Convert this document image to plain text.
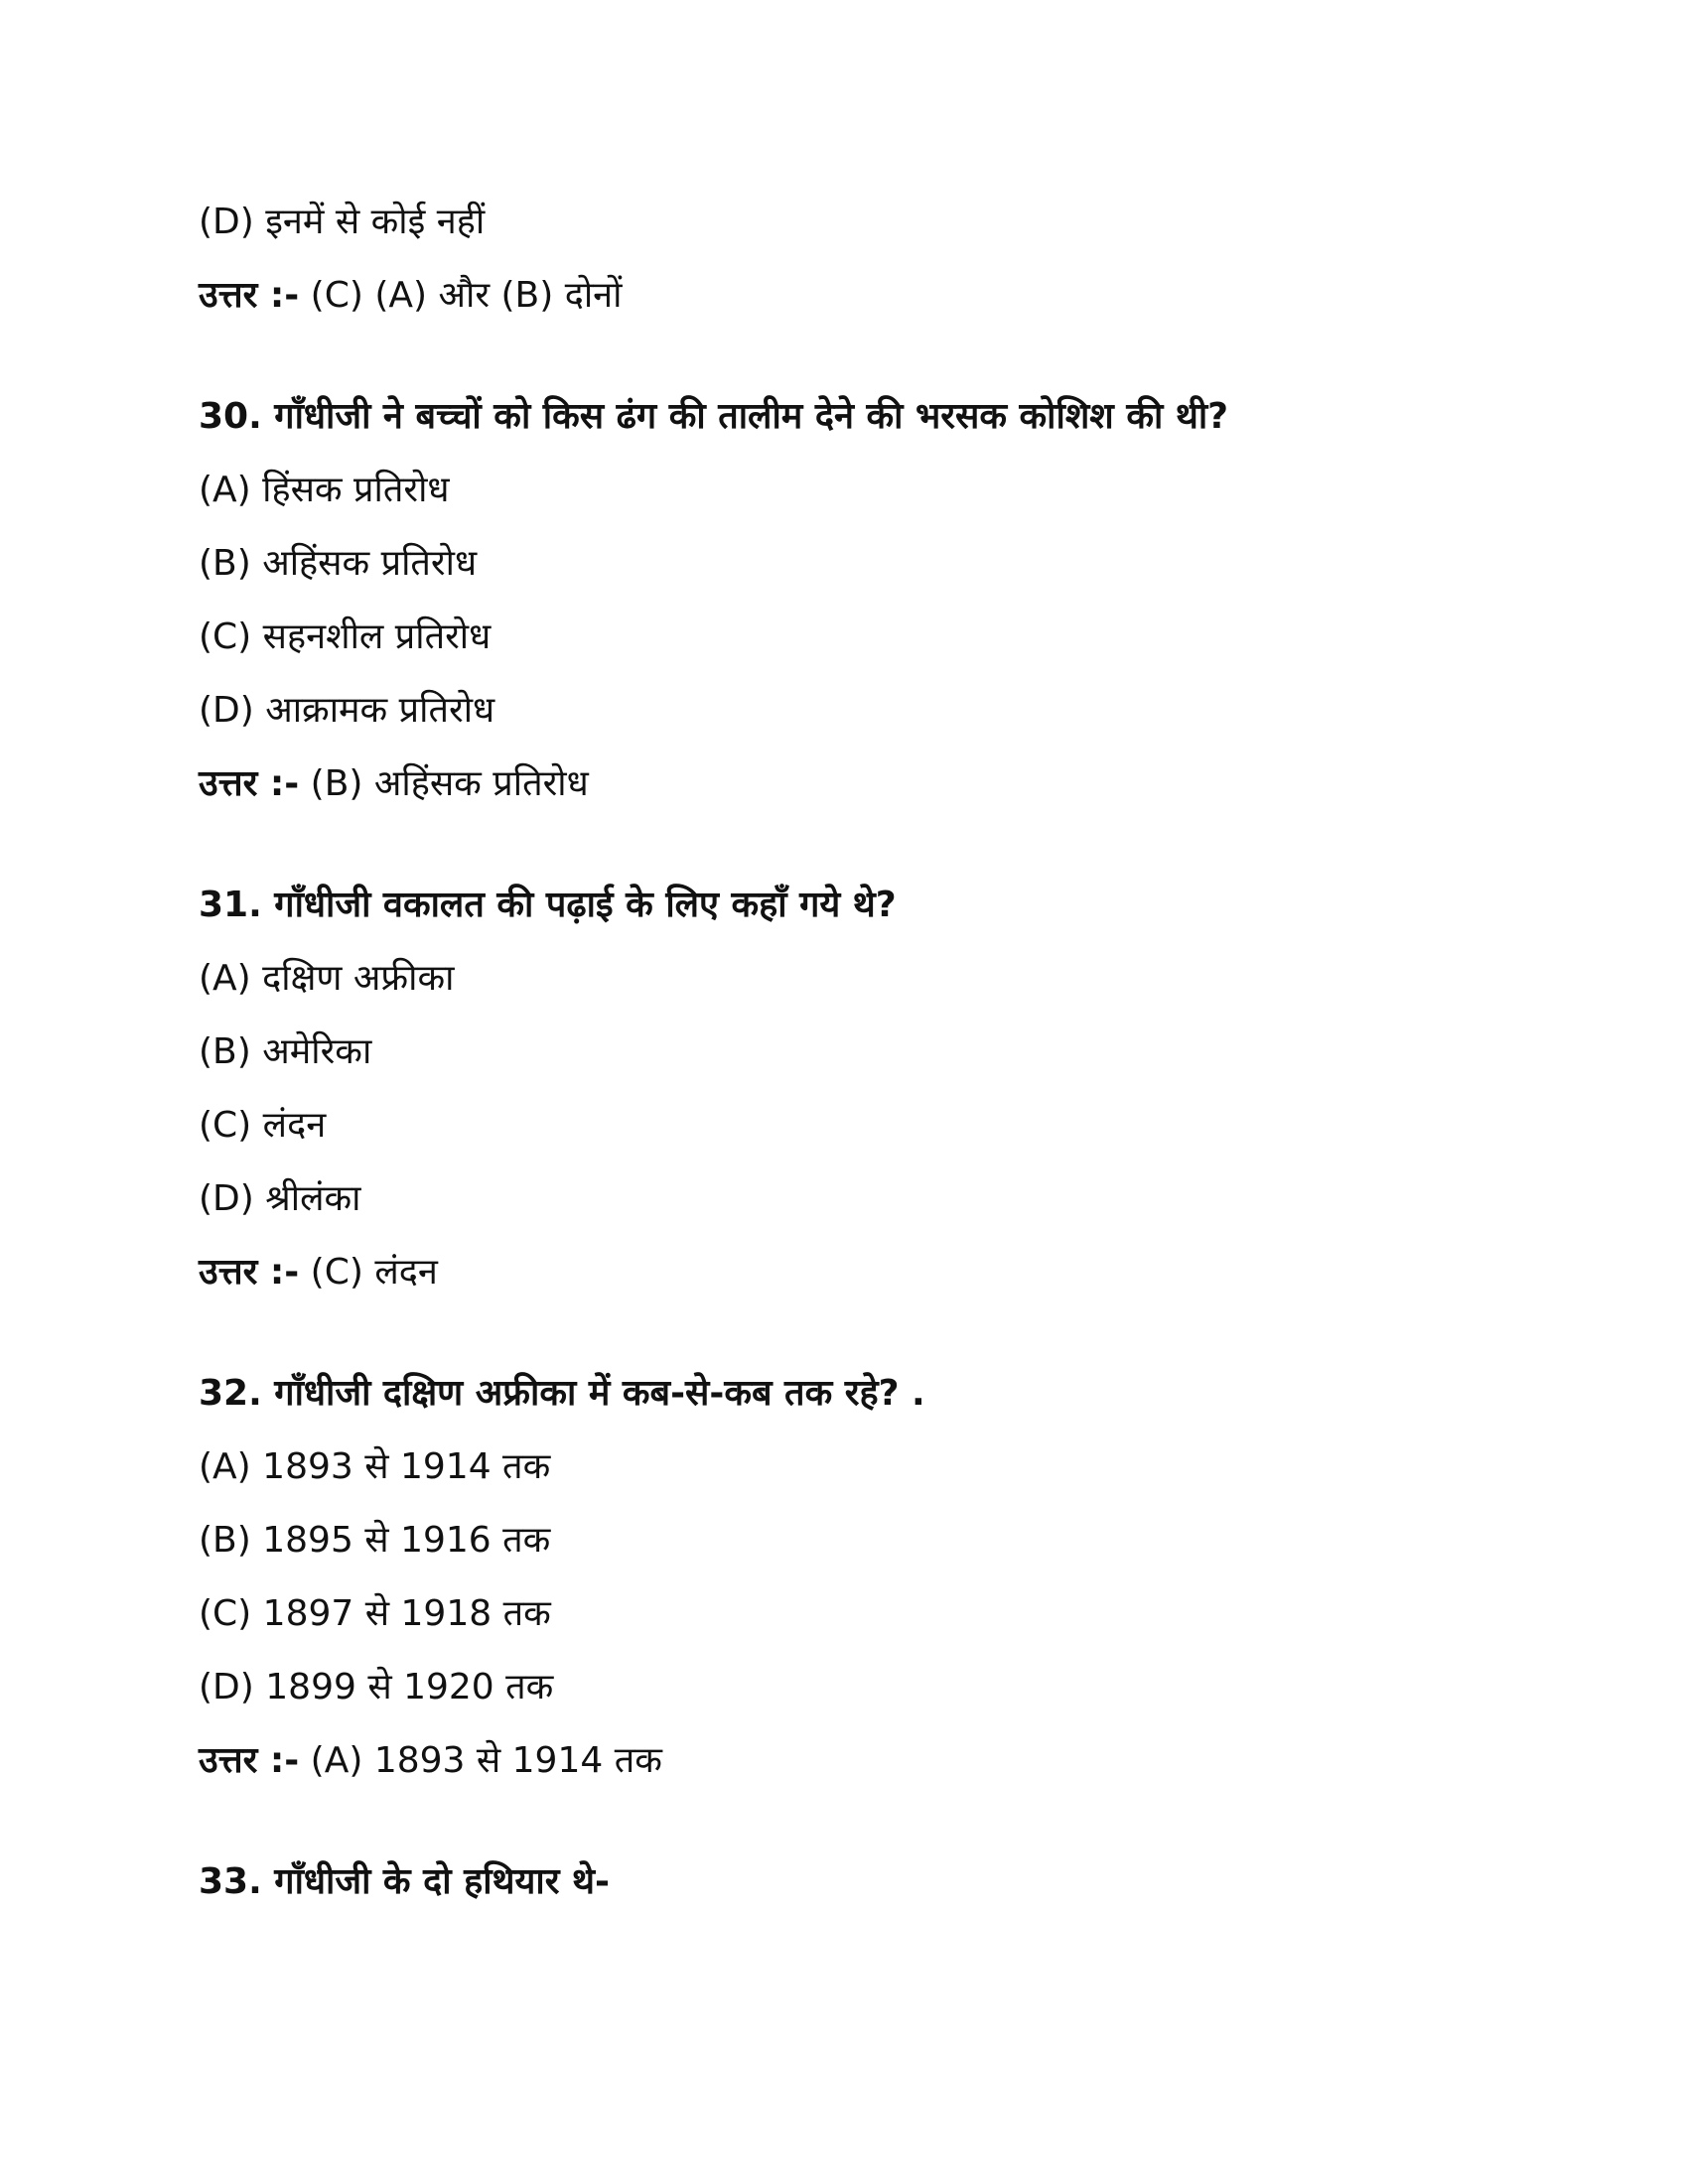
(D) इनमें से कोई नहीं
उत्तर :- (C) (A) और (B) दोनों
30. गाँधीजी ने बच्चों को किस ढंग की तालीम देने की भरसक कोशिश की थी?
(A) हिंसक प्रतिरोध
(B) अहिंसक प्रतिरोध
(C) सहनशील प्रतिरोध
(D) आक्रामक प्रतिरोध
उत्तर :- (B) अहिंसक प्रतिरोध
31. गाँधीजी वकालत की पढ़ाई के लिए कहाँ गये थे?
(A) दक्षिण अफ्रीका
(B) अमेरिका
(C) लंदन
(D) श्रीलंका
उत्तर :- (C) लंदन
32. गाँधीजी दक्षिण अफ्रीका में कब-से-कब तक रहे? .
(A) 1893 से 1914 तक
(B) 1895 से 1916 तक
(C) 1897 से 1918 तक
(D) 1899 से 1920 तक
उत्तर :- (A) 1893 से 1914 तक
33. गाँधीजी के दो हथियार थे-
